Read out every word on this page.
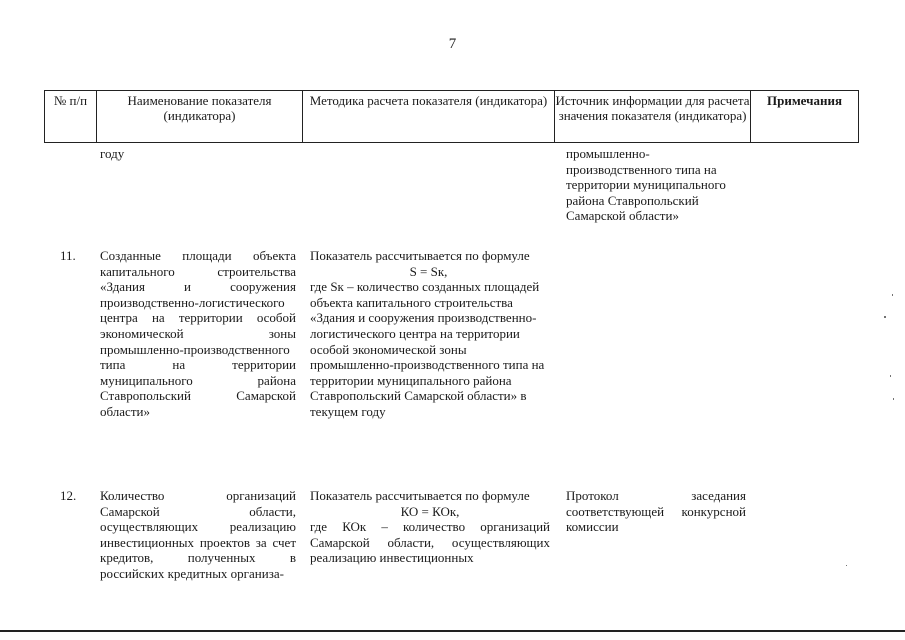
7
№ п/п	Наименование показателя (индикатора)
Методика расчета показателя (индикатора) Источник информации для расчета значения показателя (индикатора)
Примечания
году	промышленно-производственного типа на территории муниципального района Ставропольский Самарской области»
11. Созданные площади объекта капитального строительства «Здания и сооружения производственно-логистического центра на территории особой экономической зоны промышленно-производственного типа на территории муниципального района Ставропольский Самарской области»

Показатель рассчитывается по формуле

S = Sк,

где Sк – количество созданных площадей объекта капитального строительства «Здания и сооружения производственно-логистического центра на территории особой экономической зоны промышленно-производственного типа на территории муниципального района Ставропольский Самарской области» в текущем году

12. Количество организаций Самарской области, осуществляющих реализацию инвестиционных проектов за счет кредитов, полученных в российских кредитных организа-

Показатель рассчитывается по формуле

КО = КОк,

где КОк – количество организаций Самарской области, осуществляющих реализацию инвестиционных

Протокол заседания соответствующей конкурсной комиссии
